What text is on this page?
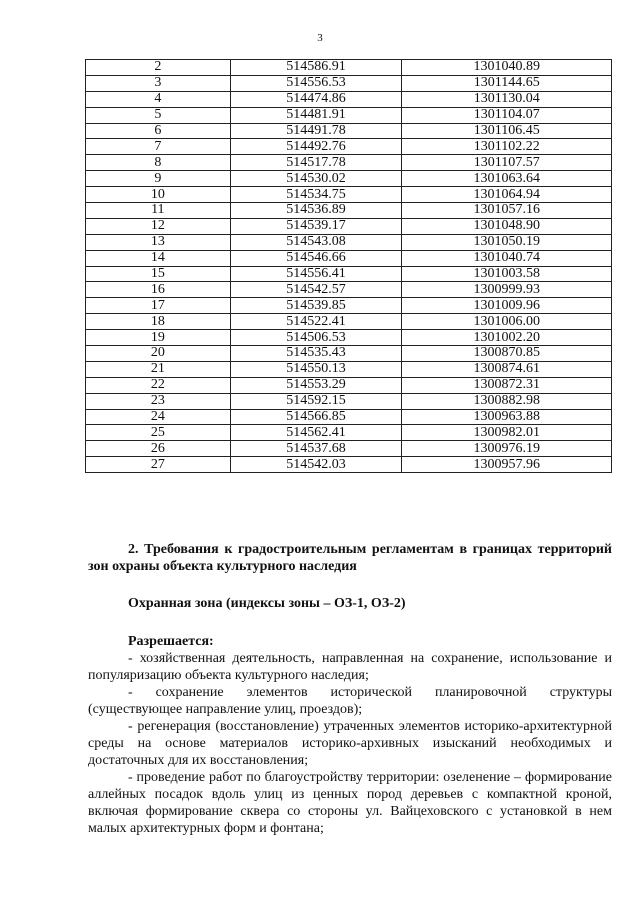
3
2	514586.91	1301040.89
3	514556.53	1301144.65
4	514474.86	1301130.04
5	514481.91	1301104.07
6	514491.78	1301106.45
7	514492.76	1301102.22
8	514517.78	1301107.57
9	514530.02	1301063.64
10	514534.75	1301064.94
11	514536.89	1301057.16
12	514539.17	1301048.90
13	514543.08	1301050.19
14	514546.66	1301040.74
15	514556.41	1301003.58
16	514542.57	1300999.93
17	514539.85	1301009.96
18	514522.41	1301006.00
19	514506.53	1301002.20
20	514535.43	1300870.85
21	514550.13	1300874.61
22	514553.29	1300872.31
23	514592.15	1300882.98
24	514566.85	1300963.88
25	514562.41	1300982.01
26	514537.68	1300976.19
27	514542.03	1300957.96

2. Требования к градостроительным регламентам в границах территорий зон охраны объекта культурного наследия

Охранная зона (индексы зоны – ОЗ-1, ОЗ-2)

Разрешается:

- хозяйственная деятельность, направленная на сохранение, использование и популяризацию объекта культурного наследия;

- сохранение элементов исторической планировочной структуры (существующее направление улиц, проездов);

- регенерация (восстановление) утраченных элементов историко-архитектурной среды на основе материалов историко-архивных изысканий необходимых и достаточных для их восстановления;

- проведение работ по благоустройству территории: озеленение – формирование аллейных посадок вдоль улиц из ценных пород деревьев с компактной кроной, включая формирование сквера со стороны ул. Вайцеховского с установкой в нем малых архитектурных форм и фонтана;
